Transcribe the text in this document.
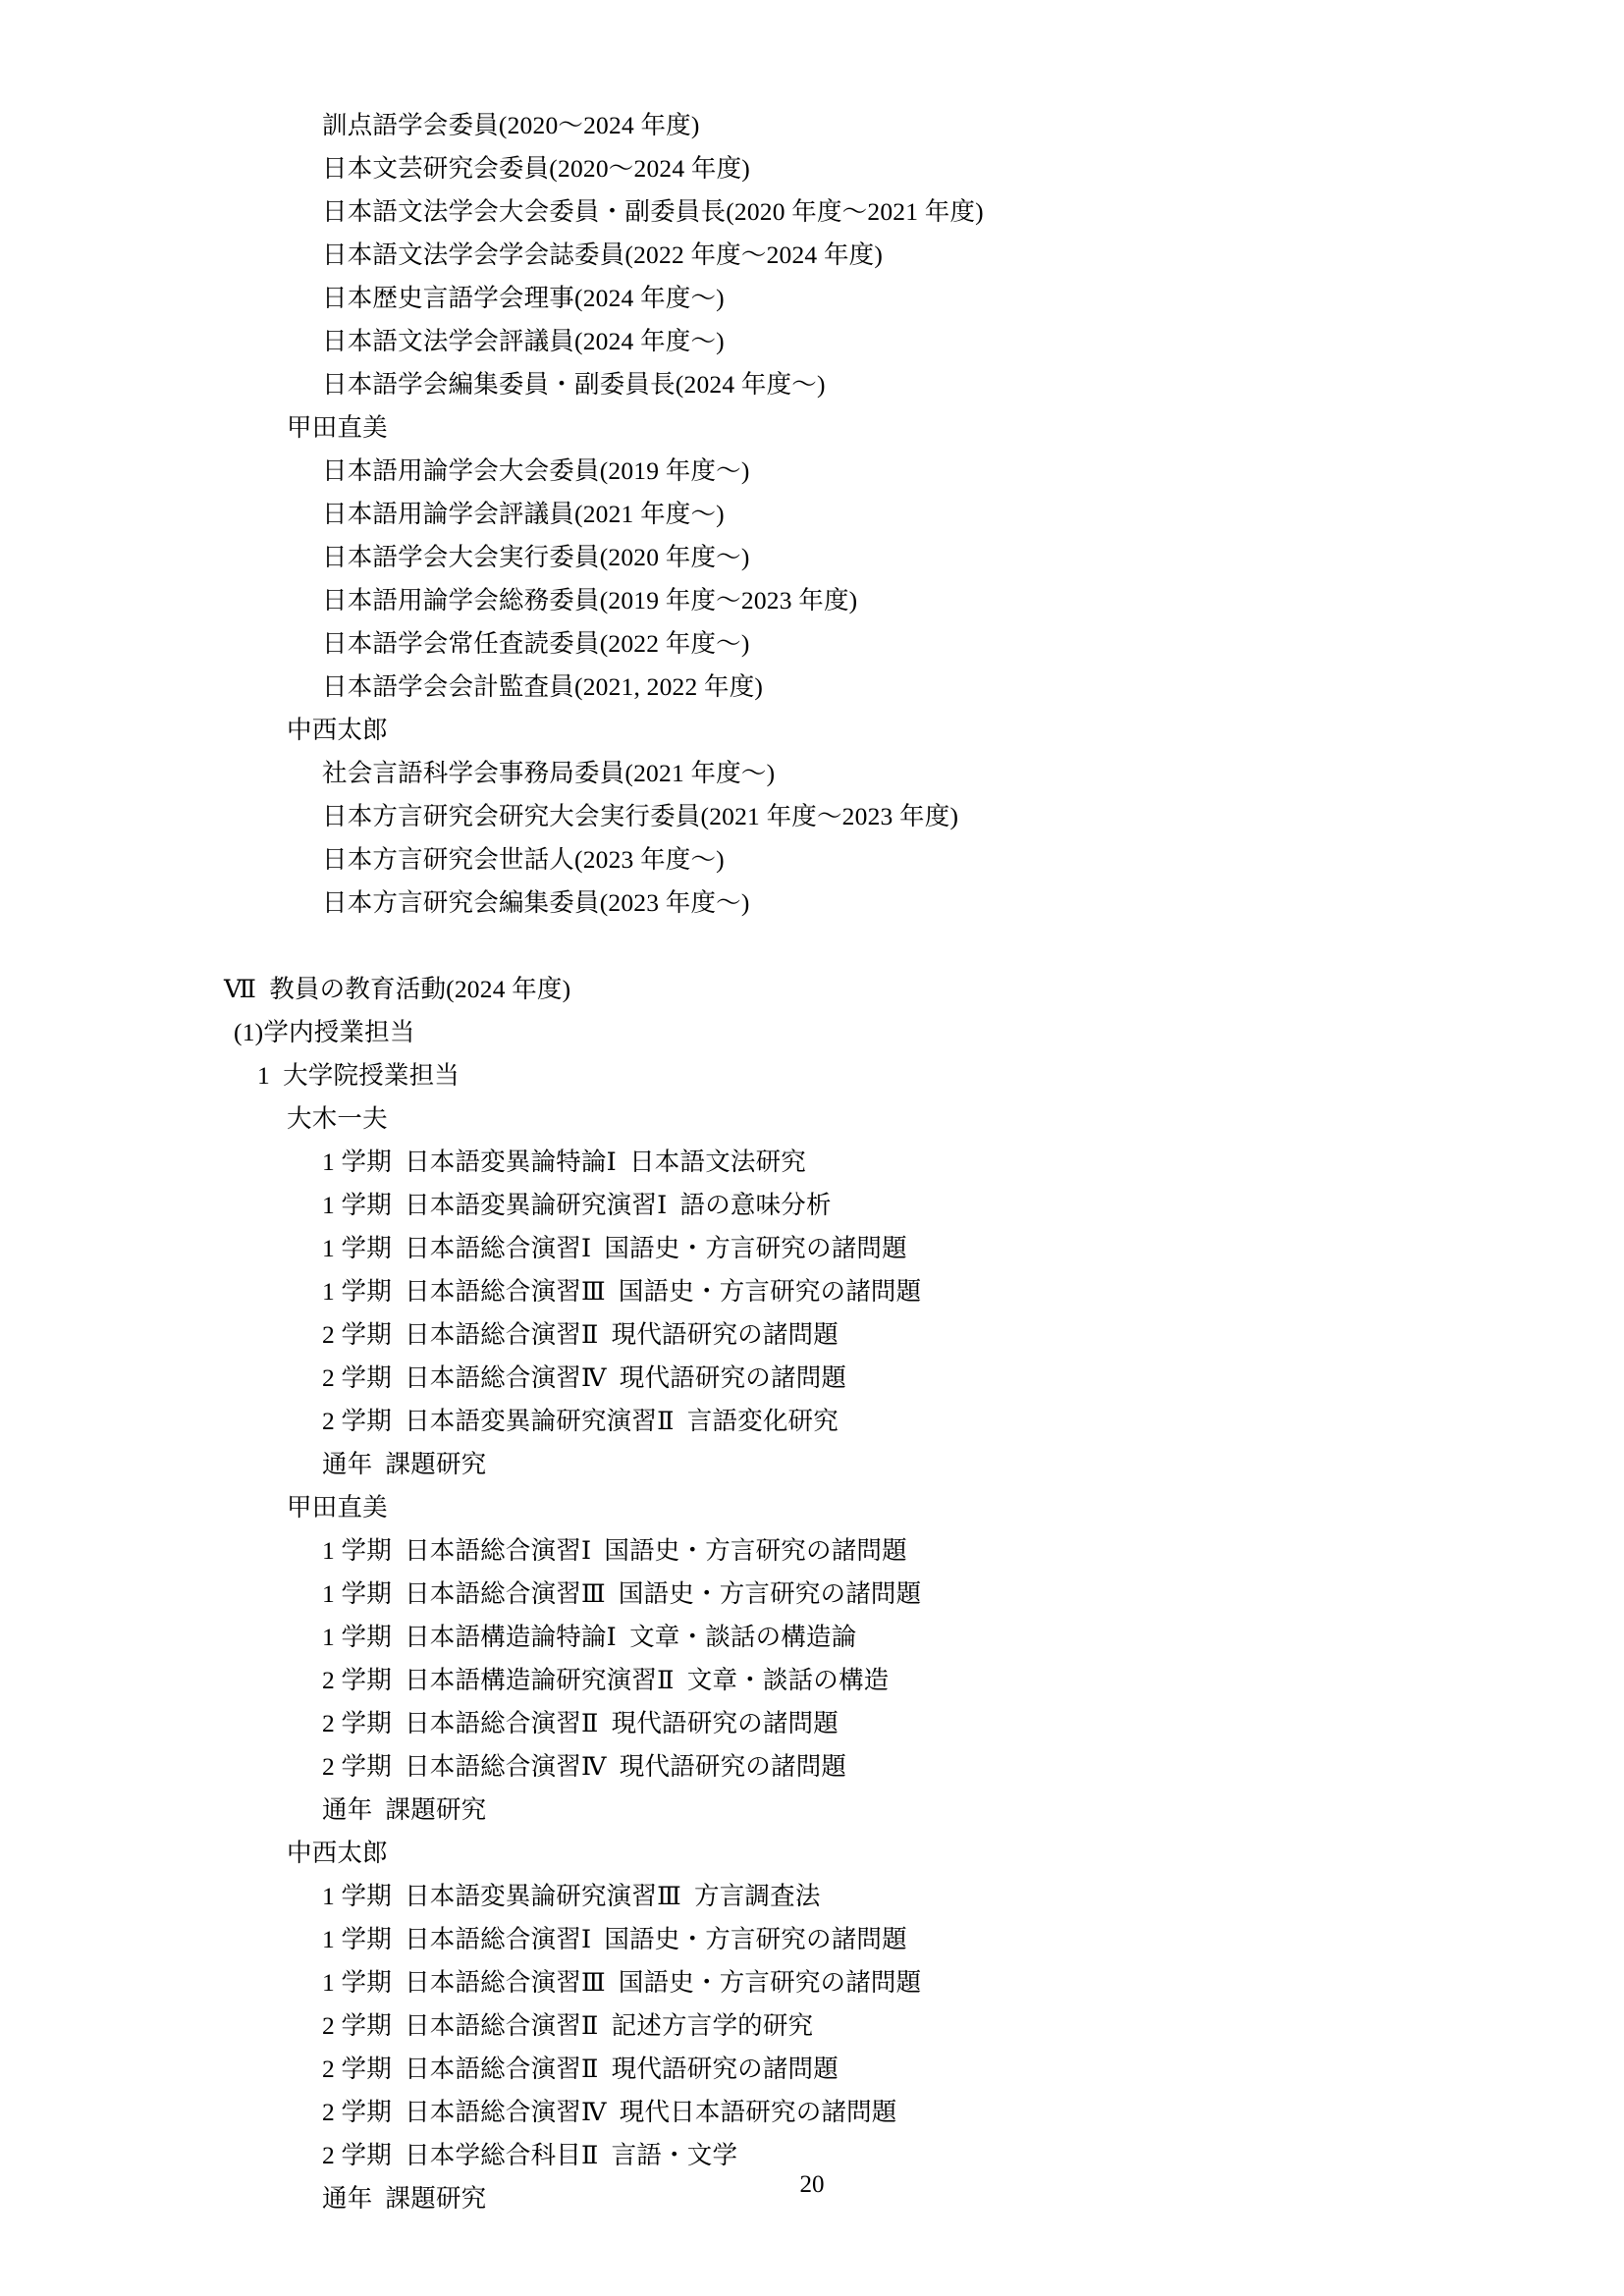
訓点語学会委員(2020〜2024 年度)
日本文芸研究会委員(2020〜2024 年度)
日本語文法学会大会委員・副委員長(2020 年度〜2021 年度)
日本語文法学会学会誌委員(2022 年度〜2024 年度)
日本歴史言語学会理事(2024 年度〜)
日本語文法学会評議員(2024 年度〜)
日本語学会編集委員・副委員長(2024 年度〜)
甲田直美
日本語用論学会大会委員(2019 年度〜)
日本語用論学会評議員(2021 年度〜)
日本語学会大会実行委員(2020 年度〜)
日本語用論学会総務委員(2019 年度〜2023 年度)
日本語学会常任査読委員(2022 年度〜)
日本語学会会計監査員(2021, 2022 年度)
中西太郎
社会言語科学会事務局委員(2021 年度〜)
日本方言研究会研究大会実行委員(2021 年度〜2023 年度)
日本方言研究会世話人(2023 年度〜)
日本方言研究会編集委員(2023 年度〜)
Ⅶ  教員の教育活動(2024 年度)
(1)学内授業担当
1  大学院授業担当
大木一夫
1 学期  日本語変異論特論Ⅰ  日本語文法研究
1 学期  日本語変異論研究演習Ⅰ  語の意味分析
1 学期  日本語総合演習Ⅰ  国語史・方言研究の諸問題
1 学期  日本語総合演習Ⅲ  国語史・方言研究の諸問題
2 学期  日本語総合演習Ⅱ  現代語研究の諸問題
2 学期  日本語総合演習Ⅳ  現代語研究の諸問題
2 学期  日本語変異論研究演習Ⅱ  言語変化研究
通年  課題研究
甲田直美
1 学期  日本語総合演習Ⅰ  国語史・方言研究の諸問題
1 学期  日本語総合演習Ⅲ  国語史・方言研究の諸問題
1 学期  日本語構造論特論Ⅰ  文章・談話の構造論
2 学期  日本語構造論研究演習Ⅱ  文章・談話の構造
2 学期  日本語総合演習Ⅱ  現代語研究の諸問題
2 学期  日本語総合演習Ⅳ  現代語研究の諸問題
通年  課題研究
中西太郎
1 学期  日本語変異論研究演習Ⅲ  方言調査法
1 学期  日本語総合演習Ⅰ  国語史・方言研究の諸問題
1 学期  日本語総合演習Ⅲ  国語史・方言研究の諸問題
2 学期  日本語総合演習Ⅱ  記述方言学的研究
2 学期  日本語総合演習Ⅱ  現代語研究の諸問題
2 学期  日本語総合演習Ⅳ  現代日本語研究の諸問題
2 学期  日本学総合科目Ⅱ  言語・文学
通年  課題研究	20
